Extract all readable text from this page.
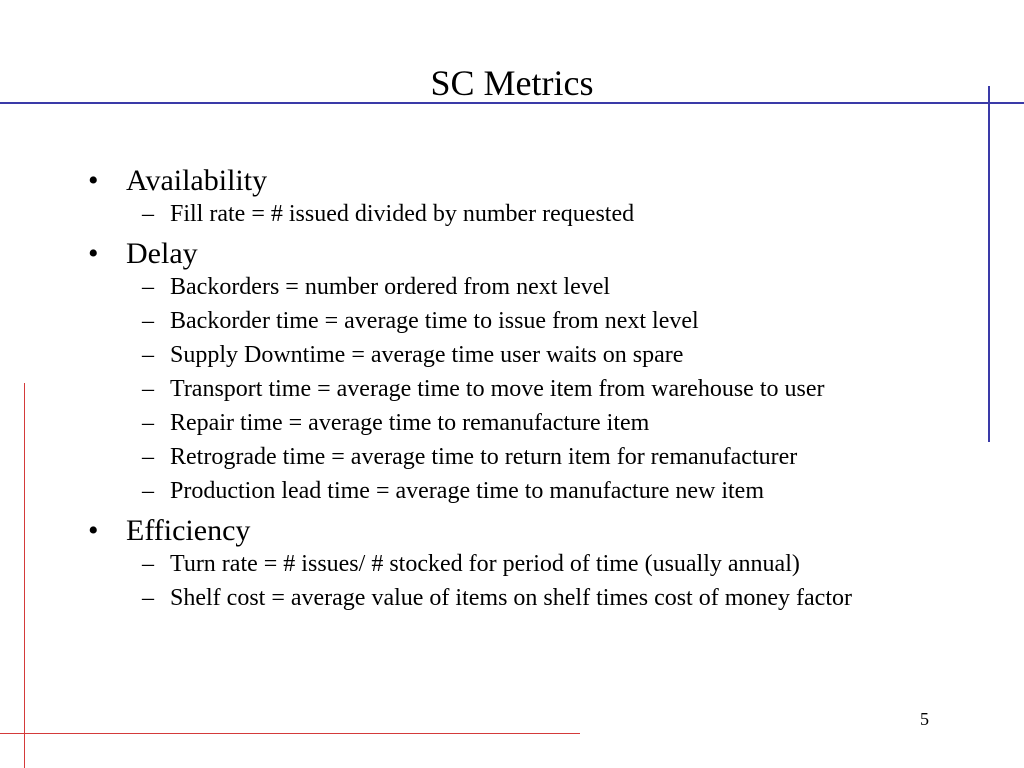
SC Metrics
• Availability
– Fill rate = # issued divided by number requested
• Delay
– Backorders = number ordered from next level
– Backorder time = average time to issue from next level
– Supply Downtime = average time user waits on spare
– Transport time = average time to move item from warehouse to user
– Repair time = average time to remanufacture item
– Retrograde time = average time to return item for remanufacturer
– Production lead time = average time to manufacture new item
• Efficiency
– Turn rate = # issues/ # stocked for period of time (usually annual)
– Shelf cost = average value of items on shelf times cost of money factor
5
